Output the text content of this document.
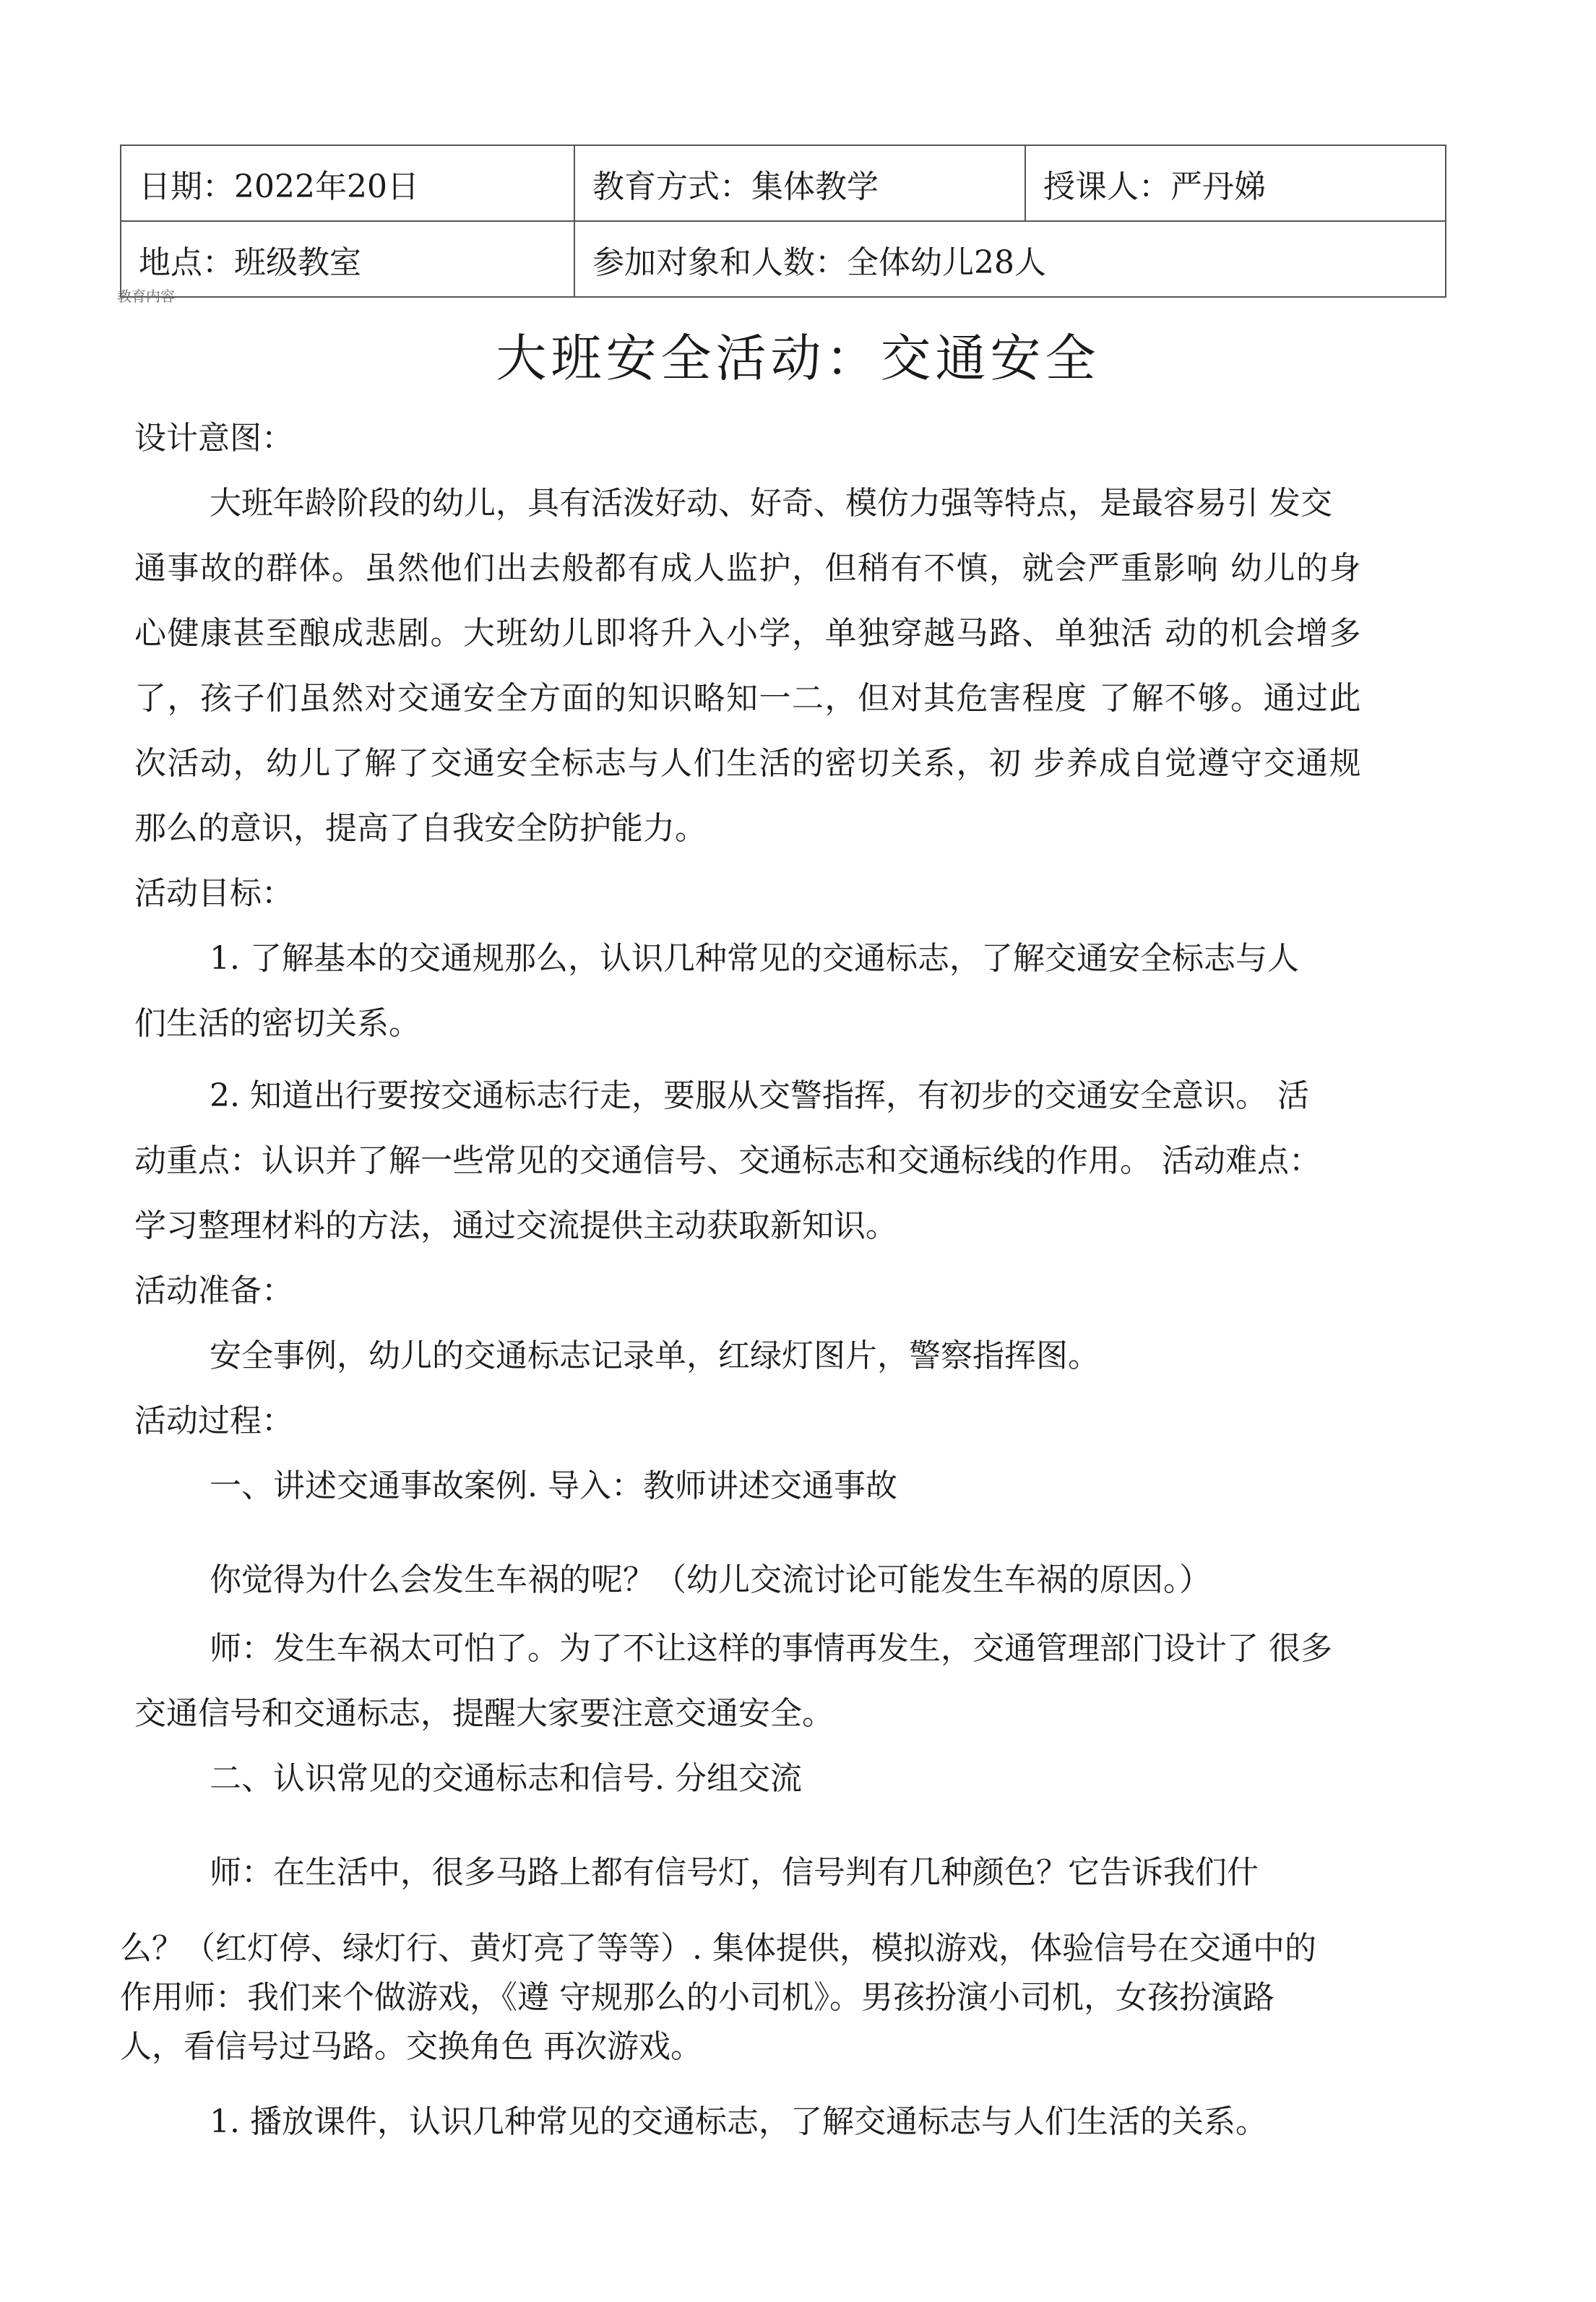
日期：2022年20日	教育方式：集体教学	授课人：严丹娣
地点：班级教室	参加对象和人数：全体幼儿28人	
教育内容
大班安全活动：交通安全

设计意图：

大班年龄阶段的幼儿，具有活泼好动、好奇、模仿力强等特点，是最容易引 发交

通事故的群体。虽然他们出去般都有成人监护，但稍有不慎，就会严重影响 幼儿的身

心健康甚至酿成悲剧。大班幼儿即将升入小学，单独穿越马路、单独活 动的机会增多

了，孩子们虽然对交通安全方面的知识略知一二，但对其危害程度 了解不够。通过此

次活动，幼儿了解了交通安全标志与人们生活的密切关系，初 步养成自觉遵守交通规

那么的意识，提高了自我安全防护能力。

活动目标：

1. 了解基本的交通规那么，认识几种常见的交通标志，了解交通安全标志与人

们生活的密切关系。

2. 知道出行要按交通标志行走，要服从交警指挥，有初步的交通安全意识。 活

动重点：认识并了解一些常见的交通信号、交通标志和交通标线的作用。 活动难点：

学习整理材料的方法，通过交流提供主动获取新知识。

活动准备：

安全事例，幼儿的交通标志记录单，红绿灯图片，警察指挥图。

活动过程：

一、讲述交通事故案例. 导入：教师讲述交通事故

你觉得为什么会发生车祸的呢？（幼儿交流讨论可能发生车祸的原因。）

师：发生车祸太可怕了。为了不让这样的事情再发生，交通管理部门设计了 很多

交通信号和交通标志，提醒大家要注意交通安全。

二、认识常见的交通标志和信号. 分组交流

师：在生活中，很多马路上都有信号灯，信号判有几种颜色？它告诉我们什

么？（红灯停、绿灯行、黄灯亮了等等）. 集体提供，模拟游戏，体验信号在交通中的

作用师：我们来个做游戏，《遵 守规那么的小司机》。男孩扮演小司机，女孩扮演路

人，看信号过马路。交换角色 再次游戏。

1. 播放课件，认识几种常见的交通标志，了解交通标志与人们生活的关系。
